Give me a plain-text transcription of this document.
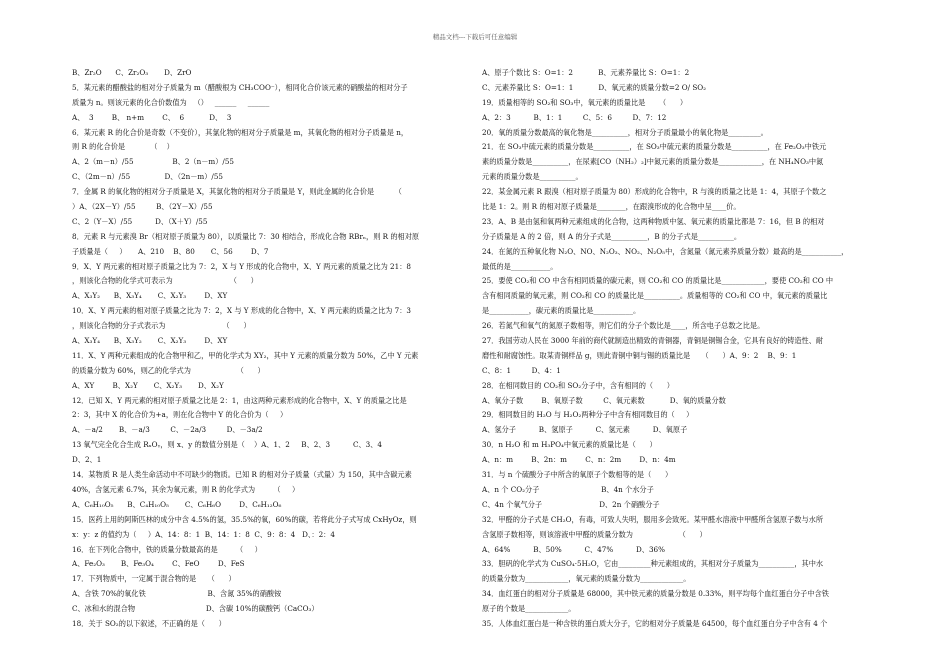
精品文档---下载后可任意编辑
B、Zr₂O      C、Zr₂O₃       D、ZrO
5．某元素的醋酸盐的相对分子质量为 m（醋酸根为 CH₃COO⁻），相同化合价该元素的硝酸盐的相对分子
质量为 n。则该元素的化合价数值为   （）   ______     ______
A、  3        B、 n+m        C、  6           D、  3
6．某元素 R 的化合价是奇数（不变价），其氯化物的相对分子质量是 m，其氧化物的相对分子质量是 n，
则 R 的化合价是           （    ）
A、2（m－n）/55                 B、2（n－m）/55
C、（2m－n）/55               D、（2n－m）/55
7．金属 R 的氧化物的相对分子质量是 X，其氯化物的相对分子质量是 Y，则此金属的化合价是         （
）A、（2X－Y）/55         B、（2Y－X）/55
C、2（Y－X）/55          D、（X＋Y）/55
8．元素 R 与元素溴 Br（相对原子质量为 80），以质量比 7：30 相结合，形成化合物 RBrₙ，则 R 的相对原
子质量是（     ）     A、210    B、80       C、56        D、7
9．X、Y 两元素的相对原子质量之比为 7：2，X 与 Y 形成的化合物中，X、Y 两元素的质量之比为 21：8
，则该化合物的化学式可表示为                         （      ）
A、X₃Y₂      B、X₃Y₄       C、X₂Y₃        D、XY
10．X、Y 两元素的相对原子质量之比为 7：2，X 与 Y 形成的化合物中，X、Y 两元素的质量之比为 7：3
，则该化合物的分子式表示为                         （      ）
A、X₃Y₄      B、X₃Y₂       C、X₂Y₃        D、XY
11．X、Y 两种元素组成的化合物甲和乙，甲的化学式为 XY₂，其中 Y 元素的质量分数为 50%，乙中 Y 元素
的质量分数为 60%，则乙的化学式为                    （      ）
A、XY        B、X₂Y       C、X₂Y₃       D、X₂Y
12．已知 X、Y 两元素的相对原子质量之比是 2：1，由这两种元素形成的化合物中，X、Y 的质量之比是
2：3，其中 X 的化合价为+a，则在化合物中 Y 的化合价为（     ）
A、－a/2       B、－a/3         C、－2a/3         D、－3a/2
13 氧气完全化合生成 RₓOᵧ，则 x、y 的数值分别是（    ）A、1、2     B、2、3          C、3、4
D、2、1
14．某物质 R 是人类生命活动中不可缺少的物质。已知 R 的相对分子质量（式量）为 150，其中含碳元素
40%，含氢元素 6.7%，其余为氧元素，则 R 的化学式为        （     ）
A、C₆H₁₀O₅      B、C₄H₁₀O₅       C、C₆H₆O        D、C₆H₁₂O₆
15．医药上用的阿斯匹林的成分中含 4.5%的氢，35.5%的氧，60%的碳，若将此分子式写成 CxHyOz，则
x：y：z 的值约为（     ）A、14：8：1  B、14：1：8  C、9：8：4   D、：2：4
16．在下列化合物中，铁的质量分数最高的是        （     ）
A、Fe₂O₃       B、Fe₃O₄        C、FeO        D、FeS
17．下列物质中，一定属于混合物的是     （      ）
A、含铁 70%的氧化铁                           B、含氮 35%的硝酸铵
C、冰和水的混合物                               D、含碳 10%的碳酸钙（CaCO₃）
18．关于 SO₂的以下叙述，不正确的是（      ）
A、原子个数比 S：O=1：2           B、元素养量比 S：O=1：2
C、元素养量比 S：O=1：1           D、氧元素的质量分数=2 O/ SO₂
19．质量相等的 SO₂和 SO₃中，氧元素的质量比是      （      ）
A、2：3          B、1：1         C、5：6         D、7：12
20．氧的质量分数最高的氧化物是__________，相对分子质量最小的氧化物是_________。
21．在 SO₃中硫元素的质量分数是__________，在 SO₃中硫元素的质量分数是__________，在 Fe₂O₃中铁元
素的质量分数是__________，在尿素[CO（NH₂）₂]中氮元素的质量分数是____________，在 NH₄NO₃中氮
元素的质量分数是__________。
22．某金属元素 R 跟溴（相对原子质量为 80）形成的化合物中，R 与溴的质量之比是 1：4，其原子个数之
比是 1：2。则 R 的相对原子质量是________，在跟溴形成的化合物中呈____价。
23．A、B 是由氢和氧两种元素组成的化合物，这两种物质中氢、氧元素的质量比都是 7：16，但 B 的相对
分子质量是 A 的 2 倍，则 A 的分子式是__________，B 的分子式是__________。
24．在氮的五种氧化物 N₂O、NO、N₂O₃、NO₂、N₂O₅中，含氮量（氮元素养质量分数）最高的是___________，
最低的是___________。
25．要使 CO₂和 CO 中含有相同质量的碳元素，则 CO₂和 CO 的质量比是____________，要使 CO₂和 CO 中
含有相同质量的氧元素，则 CO₂和 CO 的质量比是__________。质量相等的 CO₂和 CO 中，氧元素的质量比
是___________，碳元素的质量比是___________。
26．若氮气和氧气的氮原子数相等，则它们的分子个数比是____，所含电子总数之比是。
27．我国劳动人民在 3000 年前的商代就制造出精致的青铜器，青铜是铜锡合金，它具有良好的铸造性、耐
磨性和耐腐蚀性。取某青铜样品 g，则此青铜中铜与锡的质量比是     （      ）A、9：2    B、9：1
C、8：1         D、4：1
28．在相同数目的 CO₂和 SO₂分子中，含有相同的（      ）
A、氧分子数        B、氧原子数         C、氧元素数           D、氧的质量分数
29．相同数目的 H₂O 与 H₂O₂两种分子中含有相同数目的（     ）
A、氢分子          B、氢原子          C、氢元素          D、氧原子
30．n H₂O 和 m H₃PO₄中氧元素的质量比是（      ）
A、n：m        B、2n：m        C、n：2m        D、n：4m
31．与 n 个硫酸分子中所含的氧原子个数相等的是（      ）
A、n 个 CO₂分子                           B、4n 个水分子
C、4n 个氧气分子                         D、2n 个硝酸分子
32．甲醛的分子式是 CH₂O，有毒，可致人失明，服用多会致死。某甲醛水溶液中甲醛所含氢原子数与水所
含氢原子数相等，则该溶液中甲醛的质量分数为                    （      ）
A、64%          B、50%          C、47%          D、36%
33．胆矾的化学式为 CuSO₄·5H₂O，它由_________种元素组成的，其相对分子质量为__________，其中水
的质量分数为____________，氧元素的质量分数为____________。
34．血红蛋白的相对分子质量是 68000，其中铁元素的质量分数是 0.33%，则平均每个血红蛋白分子中含铁
原子的个数是____________。
35．人体血红蛋白是一种含铁的蛋白质大分子，它的相对分子质量是 64500，每个血红蛋白分子中含有 4 个
